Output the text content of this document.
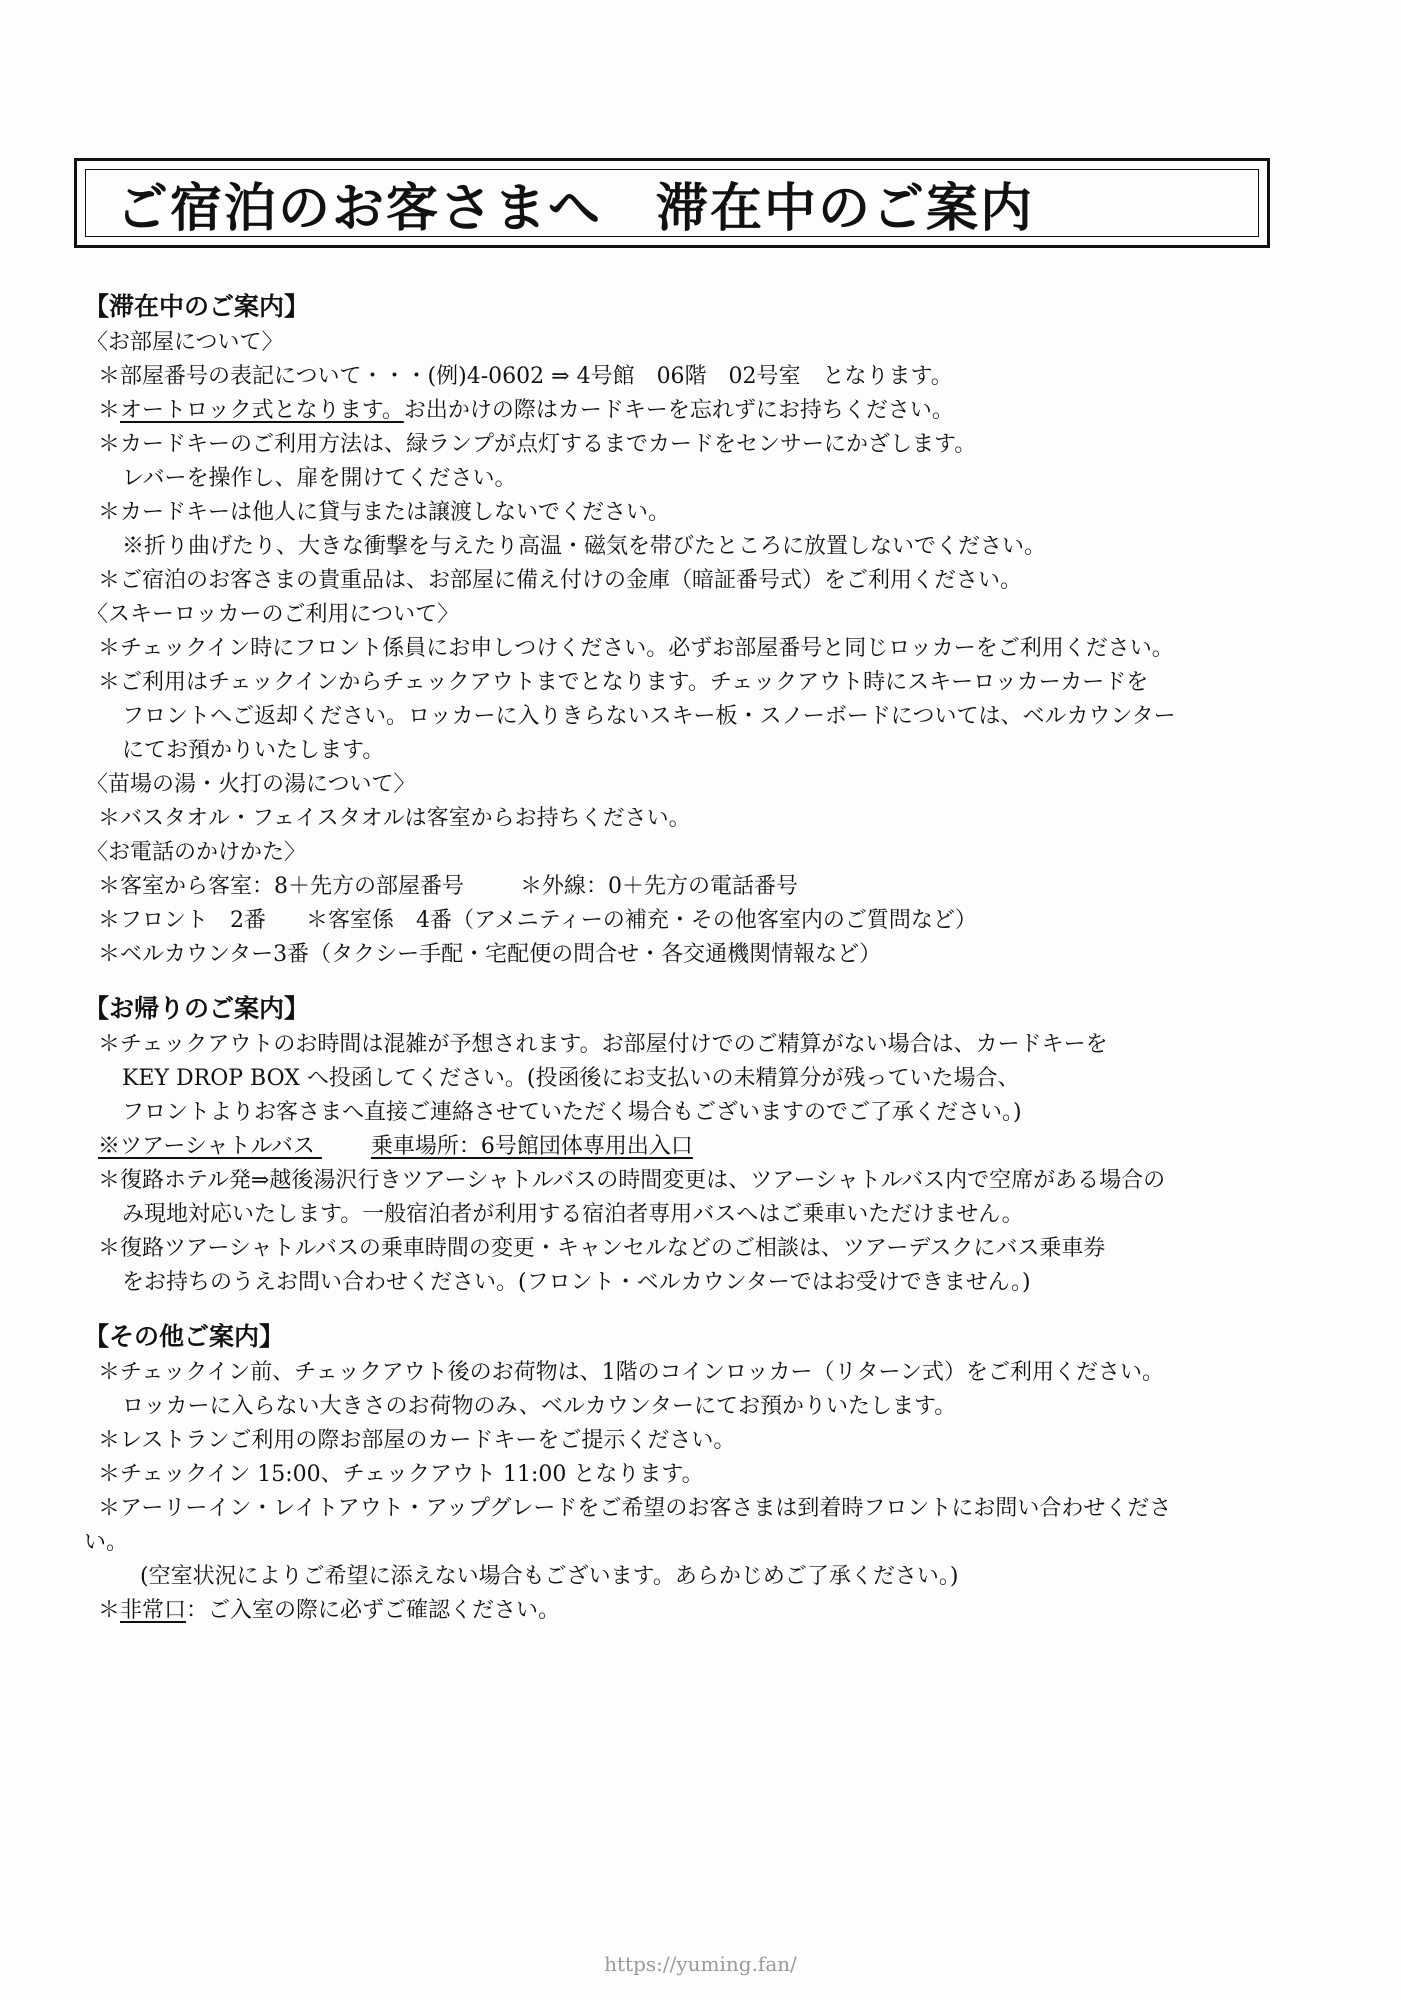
ご宿泊のお客さまへ　滞在中のご案内
【滞在中のご案内】
〈お部屋について〉
＊部屋番号の表記について・・・(例)4-0602 ⇒ 4号館　06階　02号室　となります。
＊オートロック式となります。お出かけの際はカードキーを忘れずにお持ちください。
＊カードキーのご利用方法は、緑ランプが点灯するまでカードをセンサーにかざします。
レバーを操作し、扉を開けてください。
＊カードキーは他人に貸与または譲渡しないでください。
※折り曲げたり、大きな衝撃を与えたり高温・磁気を帯びたところに放置しないでください。
＊ご宿泊のお客さまの貴重品は、お部屋に備え付けの金庫（暗証番号式）をご利用ください。
〈スキーロッカーのご利用について〉
＊チェックイン時にフロント係員にお申しつけください。必ずお部屋番号と同じロッカーをご利用ください。
＊ご利用はチェックインからチェックアウトまでとなります。チェックアウト時にスキーロッカーカードを
フロントへご返却ください。ロッカーに入りきらないスキー板・スノーボードについては、ベルカウンター
にてお預かりいたします。
〈苗場の湯・火打の湯について〉
＊バスタオル・フェイスタオルは客室からお持ちください。
〈お電話のかけかた〉
＊客室から客室：8＋先方の部屋番号	＊外線：0＋先方の電話番号
＊フロント　2番 ＊客室係　4番（アメニティーの補充・その他客室内のご質問など）
＊ベルカウンター3番（タクシー手配・宅配便の問合せ・各交通機関情報など）
【お帰りのご案内】
＊チェックアウトのお時間は混雑が予想されます。お部屋付けでのご精算がない場合は、カードキーを
KEY DROP BOX へ投函してください。(投函後にお支払いの未精算分が残っていた場合、
フロントよりお客さまへ直接ご連絡させていただく場合もございますのでご了承ください。)
※ツアーシャトルバス	乗車場所：6号館団体専用出入口
＊復路ホテル発⇒越後湯沢行きツアーシャトルバスの時間変更は、ツアーシャトルバス内で空席がある場合の
み現地対応いたします。一般宿泊者が利用する宿泊者専用バスへはご乗車いただけません。
＊復路ツアーシャトルバスの乗車時間の変更・キャンセルなどのご相談は、ツアーデスクにバス乗車券
をお持ちのうえお問い合わせください。(フロント・ベルカウンターではお受けできません。)
【その他ご案内】
＊チェックイン前、チェックアウト後のお荷物は、1階のコインロッカー（リターン式）をご利用ください。
ロッカーに入らない大きさのお荷物のみ、ベルカウンターにてお預かりいたします。
＊レストランご利用の際お部屋のカードキーをご提示ください。
＊チェックイン 15:00、チェックアウト 11:00 となります。
＊アーリーイン・レイトアウト・アップグレードをご希望のお客さまは到着時フロントにお問い合わせくださ
い。
(空室状況によりご希望に添えない場合もございます。あらかじめご了承ください。)
＊非常口：ご入室の際に必ずご確認ください。
https://yuming.fan/
